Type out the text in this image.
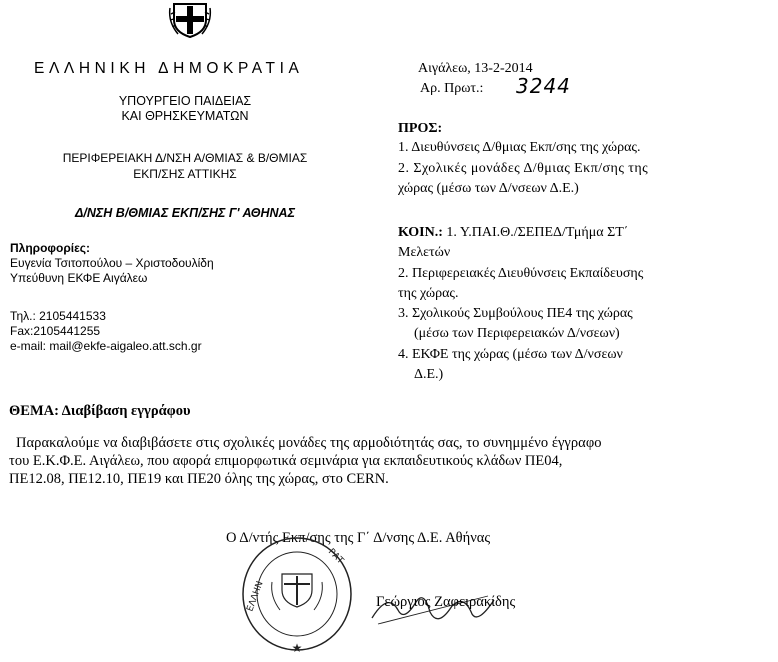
ΕΛΛΗΝΙΚΗ ΔΗΜΟΚΡΑΤΙΑ
ΥΠΟΥΡΓΕΙΟ ΠΑΙΔΕΙΑΣ
ΚΑΙ ΘΡΗΣΚΕΥΜΑΤΩΝ
ΠΕΡΙΦΕΡΕΙΑΚΗ Δ/ΝΣΗ Α/ΘΜΙΑΣ & Β/ΘΜΙΑΣ
ΕΚΠ/ΣΗΣ ΑΤΤΙΚΗΣ
Δ/ΝΣΗ Β/ΘΜΙΑΣ ΕΚΠ/ΣΗΣ Γ' ΑΘΗΝΑΣ
Πληροφορίες:
Ευγενία Τσιτοπούλου – Χριστοδουλίδη
Υπεύθυνη ΕΚΦΕ Αιγάλεω
Τηλ.: 2105441533
Fax:2105441255
e-mail: mail@ekfe-aigaleo.att.sch.gr
Αιγάλεω, 13-2-2014
Αρ. Πρωτ.: 3244
ΠΡΟΣ:
1. Διευθύνσεις Δ/θμιας Εκπ/σης της χώρας.
2. Σχολικές μονάδες Δ/θμιας Εκπ/σης της
χώρας (μέσω των Δ/νσεων Δ.Ε.)
ΚΟΙΝ.: 1. Υ.ΠΑΙ.Θ./ΣΕΠΕΔ/Τμήμα ΣΤ΄
Μελετών
2. Περιφερειακές Διευθύνσεις Εκπαίδευσης
της χώρας.
3. Σχολικούς Συμβούλους ΠΕ4 της χώρας
(μέσω των Περιφερειακών Δ/νσεων)
4. ΕΚΦΕ της χώρας (μέσω των Δ/νσεων
Δ.Ε.)
ΘΕΜΑ: Διαβίβαση εγγράφου
Παρακαλούμε να διαβιβάσετε στις σχολικές μονάδες της αρμοδιότητάς σας, το συνημμένο έγγραφο
του Ε.Κ.Φ.Ε. Αιγάλεω, που αφορά επιμορφωτικά σεμινάρια για εκπαιδευτικούς κλάδων ΠΕ04,
ΠΕ12.08, ΠΕ12.10, ΠΕ19 και ΠΕ20 όλης της χώρας, στο CERN.
Ο Δ/ντής Εκπ/σης της Γ΄ Δ/νσης Δ.Ε. Αθήνας
★
ΕΛΛΗΝ
ΡΑΤ
Γεώργιος Ζαφειρακίδης
